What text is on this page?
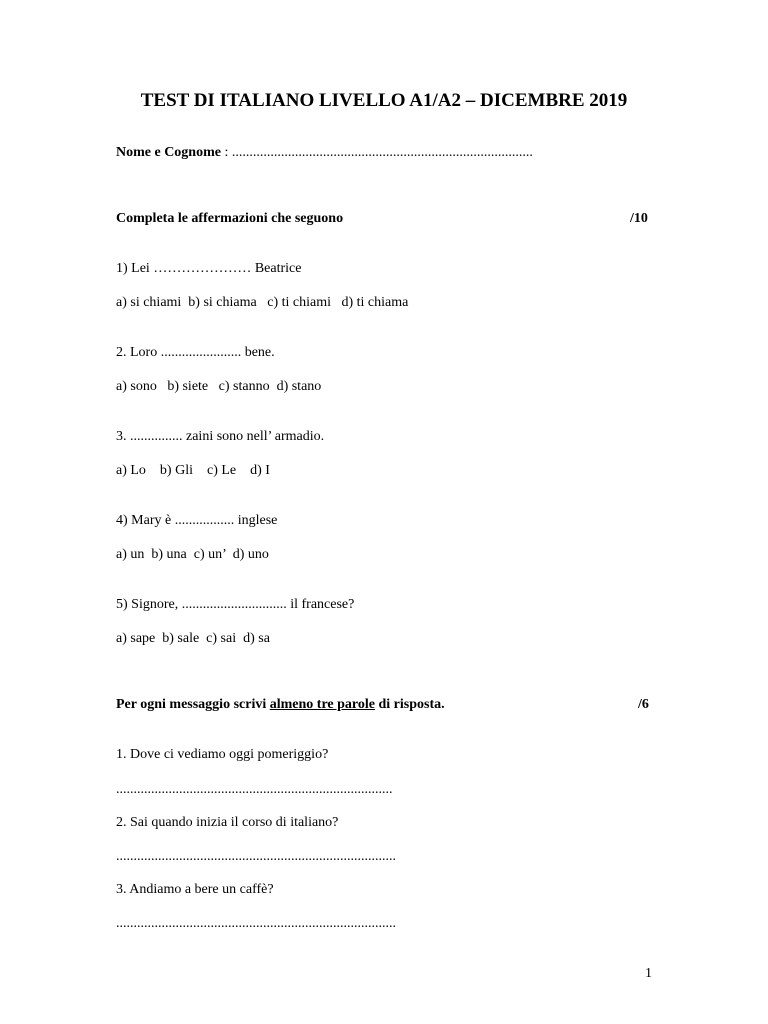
TEST DI ITALIANO LIVELLO A1/A2 – DICEMBRE 2019
Nome e Cognome : ......................................................................................
Completa le affermazioni che seguono	/10
1) Lei ………………… Beatrice
a) si chiami  b) si chiama   c) ti chiami   d) ti chiama
2. Loro ....................... bene.
a) sono   b) siete   c) stanno  d) stano
3. ............... zaini sono nell’ armadio.
a) Lo    b) Gli    c) Le    d) I
4) Mary è ................. inglese
a) un  b) una  c) un’  d) uno
5) Signore, .............................. il francese?
a) sape  b) sale  c) sai  d) sa
Per ogni messaggio scrivi almeno tre parole di risposta.	/6
1. Dove ci vediamo oggi pomeriggio?
...............................................................................
2. Sai quando inizia il corso di italiano?
................................................................................
3. Andiamo a bere un caffè?
................................................................................
1
